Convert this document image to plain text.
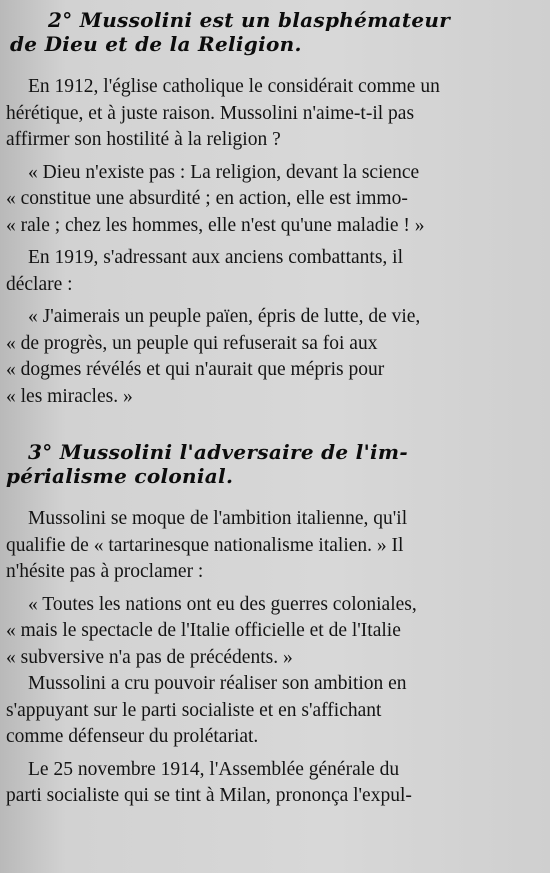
2° Mussolini est un blasphémateur
de Dieu et de la Religion.

En 1912, l'église catholique le considérait comme un
hérétique, et à juste raison. Mussolini n'aime-t-il pas
affirmer son hostilité à la religion ?

« Dieu n'existe pas : La religion, devant la science
« constitue une absurdité ; en action, elle est immo-
« rale ; chez les hommes, elle n'est qu'une maladie ! »

En 1919, s'adressant aux anciens combattants, il
déclare :

« J'aimerais un peuple païen, épris de lutte, de vie,
« de progrès, un peuple qui refuserait sa foi aux
« dogmes révélés et qui n'aurait que mépris pour
« les miracles. »

3° Mussolini l'adversaire de l'im-
périalisme colonial.

Mussolini se moque de l'ambition italienne, qu'il
qualifie de « tartarinesque nationalisme italien. » Il
n'hésite pas à proclamer :

« Toutes les nations ont eu des guerres coloniales,
« mais le spectacle de l'Italie officielle et de l'Italie
« subversive n'a pas de précédents. »

Mussolini a cru pouvoir réaliser son ambition en
s'appuyant sur le parti socialiste et en s'affichant
comme défenseur du prolétariat.

Le 25 novembre 1914, l'Assemblée générale du
parti socialiste qui se tint à Milan, prononça l'expul-
